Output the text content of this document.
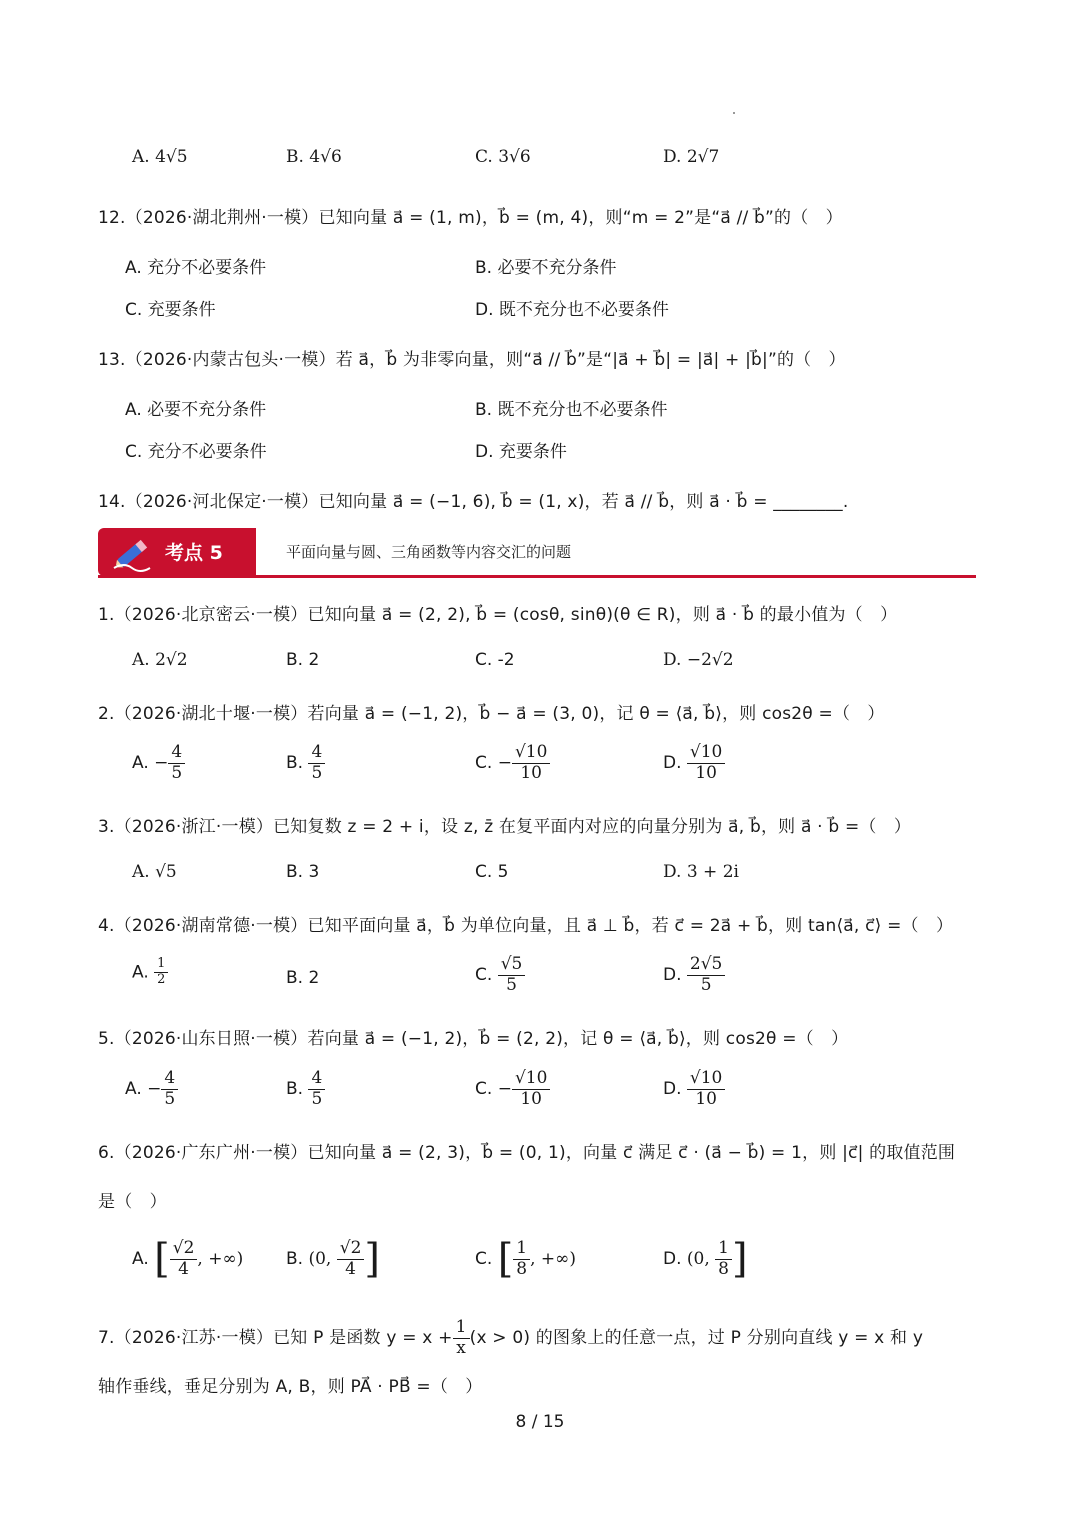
A. 4√5	B. 4√6	C. 3√6	D. 2√7
12.（2026·湖北荆州·一模）已知向量 a⃗ = (1, m)，b⃗ = (m, 4)，则“m = 2”是“a⃗ // b⃗”的（　）
A. 充分不必要条件	B. 必要不充分条件
C. 充要条件	D. 既不充分也不必要条件
13.（2026·内蒙古包头·一模）若 a⃗，b⃗ 为非零向量，则“a⃗ // b⃗”是“|a⃗ + b⃗| = |a⃗| + |b⃗|”的（　）
A. 必要不充分条件	B. 既不充分也不必要条件
C. 充分不必要条件	D. 充要条件
14.（2026·河北保定·一模）已知向量 a⃗ = (−1, 6), b⃗ = (1, x)，若 a⃗ // b⃗，则 a⃗ · b⃗ = ________.
考点 5	平面向量与圆、三角函数等内容交汇的问题
1.（2026·北京密云·一模）已知向量 a⃗ = (2, 2), b⃗ = (cosθ, sinθ)(θ ∈ R)，则 a⃗ · b⃗ 的最小值为（　）
A. 2√2	B. 2	C. -2	D. −2√2
2.（2026·湖北十堰·一模）若向量 a⃗ = (−1, 2)，b⃗ − a⃗ = (3, 0)，记 θ = ⟨a⃗, b⃗⟩，则 cos2θ =（　）
A. − $\frac{4}{5}$	B. $\frac{4}{5}$	C. − $\frac{√10}{10}$	D. $\frac{√10}{10}$
3.（2026·浙江·一模）已知复数 z = 2 + i，设 z, z̄ 在复平面内对应的向量分别为 a⃗, b⃗，则 a⃗ · b⃗ =（　）
A. √5	B. 3	C. 5	D. 3 + 2i
4.（2026·湖南常德·一模）已知平面向量 a⃗，b⃗ 为单位向量，且 a⃗ ⊥ b⃗，若 c⃗ = 2a⃗ + b⃗，则 tan⟨a⃗, c⃗⟩ =（　）
A. $\frac{1}{2}$	B. 2	C. $\frac{√5}{5}$	D. $\frac{2√5}{5}$
5.（2026·山东日照·一模）若向量 a⃗ = (−1, 2)，b⃗ = (2, 2)，记 θ = ⟨a⃗, b⃗⟩，则 cos2θ =（　）
A. − $\frac{4}{5}$	B. $\frac{4}{5}$	C. − $\frac{√10}{10}$	D. $\frac{√10}{10}$
6.（2026·广东广州·一模）已知向量 a⃗ = (2, 3)，b⃗ = (0, 1)，向量 c⃗ 满足 c⃗ · (a⃗ − b⃗) = 1，则 |c⃗| 的取值范围
是（　）
A. [ $\frac{√2}{4}$ , +∞)	B. (0, $\frac{√2}{4}$ ]	C. [ $\frac{1}{8}$ , +∞)	D. (0, $\frac{1}{8}$ ]
7.（2026·江苏·一模）已知 P 是函数 $y = x + \frac{1}{x} (x > 0)$ 的图象上的任意一点，过 P 分别向直线 y = x 和 y
轴作垂线，垂足分别为 A, B，则 PA⃗ · PB⃗ =（　）
8 / 15
